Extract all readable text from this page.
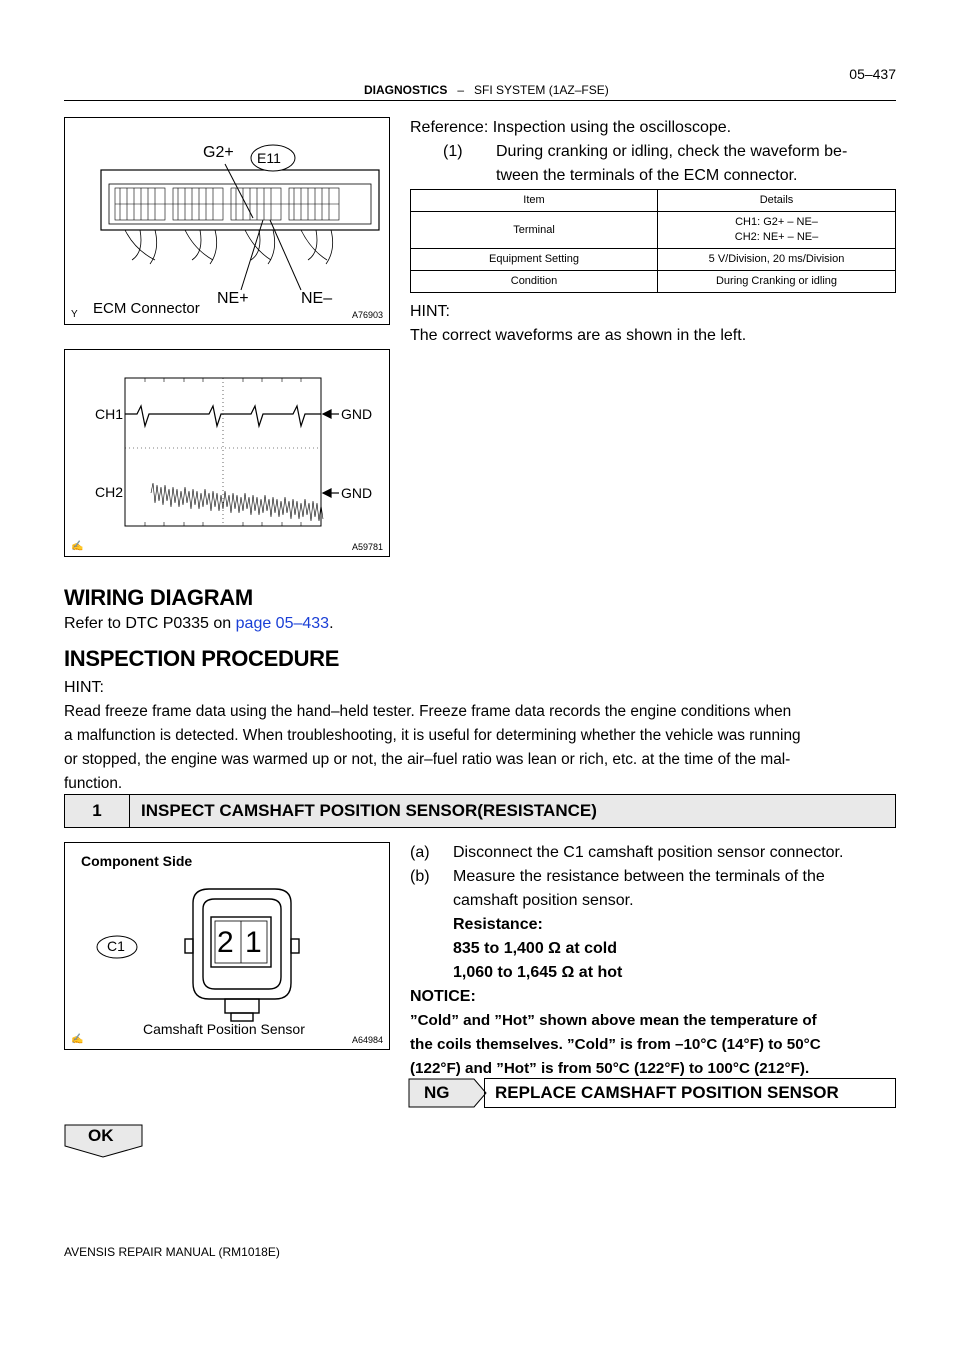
DIAGNOSTICS – SFI SYSTEM (1AZ–FSE)
05–437
G2+ E11
NE+	NE–
ECM Connector
Y	A76903
CH1
CH2
GND
GND
✍	A59781
Reference: Inspection using the oscilloscope.
(1) During cranking or idling, check the waveform be-
tween the terminals of the ECM connector.
Item	Details
Terminal	CH1: G2+ – NE–
CH2: NE+ – NE–

Equipment Setting	5 V/Division, 20 ms/Division
Condition	During Cranking or idling
HINT:
The correct waveforms are as shown in the left.
WIRING DIAGRAM
Refer to DTC P0335 on page 05–433.
INSPECTION PROCEDURE
HINT:
Read freeze frame data using the hand–held tester. Freeze frame data records the engine conditions when
a malfunction is detected. When troubleshooting, it is useful for determining whether the vehicle was running
or stopped, the engine was warmed up or not, the air–fuel ratio was lean or rich, etc. at the time of the mal-
function.
1	INSPECT CAMSHAFT POSITION SENSOR(RESISTANCE)
Component Side
C1	2 1
Camshaft Position Sensor
✍	A64984
(a) Disconnect the C1 camshaft position sensor connector.
(b) Measure the resistance between the terminals of the
camshaft position sensor.
Resistance:
835 to 1,400 Ω at cold
1,060 to 1,645 Ω at hot
NOTICE:
”Cold” and ”Hot” shown above mean the temperature of
the coils themselves. ”Cold” is from –10°C (14°F) to 50°C
(122°F) and ”Hot” is from 50°C (122°F) to 100°C (212°F).
NG	REPLACE CAMSHAFT POSITION SENSOR
OK
AVENSIS REPAIR MANUAL (RM1018E)
